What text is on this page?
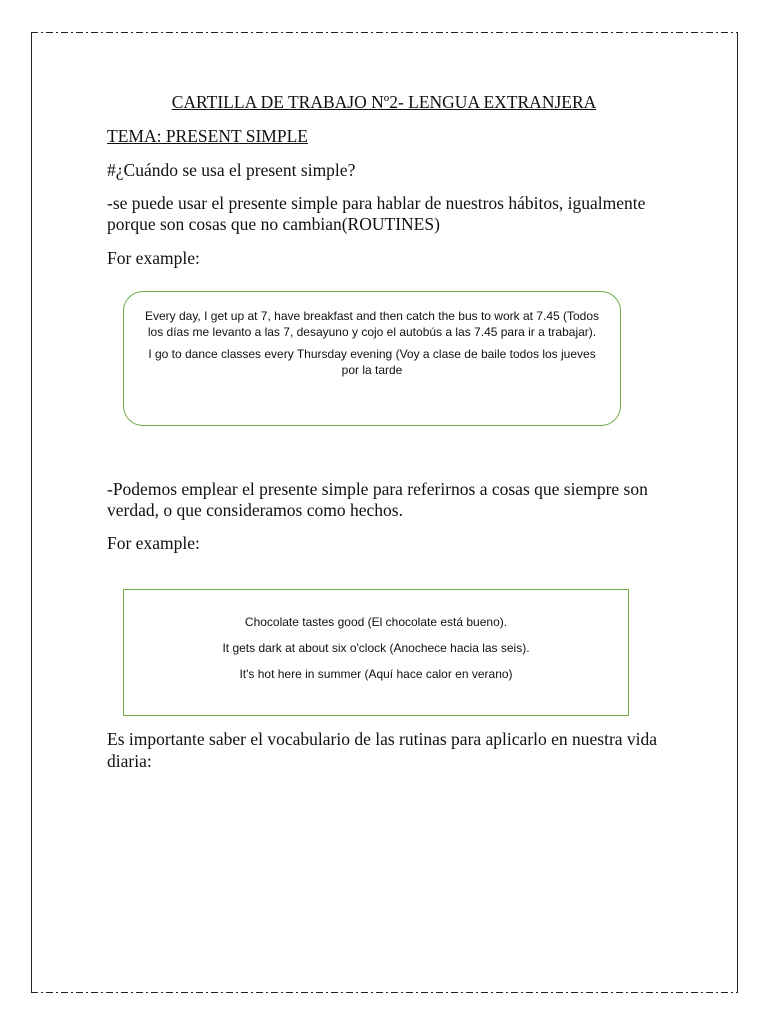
CARTILLA DE TRABAJO Nº2- LENGUA EXTRANJERA
TEMA: PRESENT SIMPLE
#¿Cuándo se usa el present simple?
-se puede usar el presente simple para hablar de nuestros hábitos, igualmente
porque son cosas que no cambian(ROUTINES)
For example:

Every day, I get up at 7, have breakfast and then catch the bus to work at 7.45 (Todos los días me levanto a las 7, desayuno y cojo el autobús a las 7.45 para ir a trabajar).

I go to dance classes every Thursday evening (Voy a clase de baile todos los jueves por la tarde

-Podemos emplear el presente simple para referirnos a cosas que siempre son
verdad, o que consideramos como hechos.
For example:

Chocolate tastes good (El chocolate está bueno).

It gets dark at about six o'clock (Anochece hacia las seis).

It's hot here in summer (Aquí hace calor en verano)

Es importante saber el vocabulario de las rutinas para aplicarlo en nuestra vida
diaria:
